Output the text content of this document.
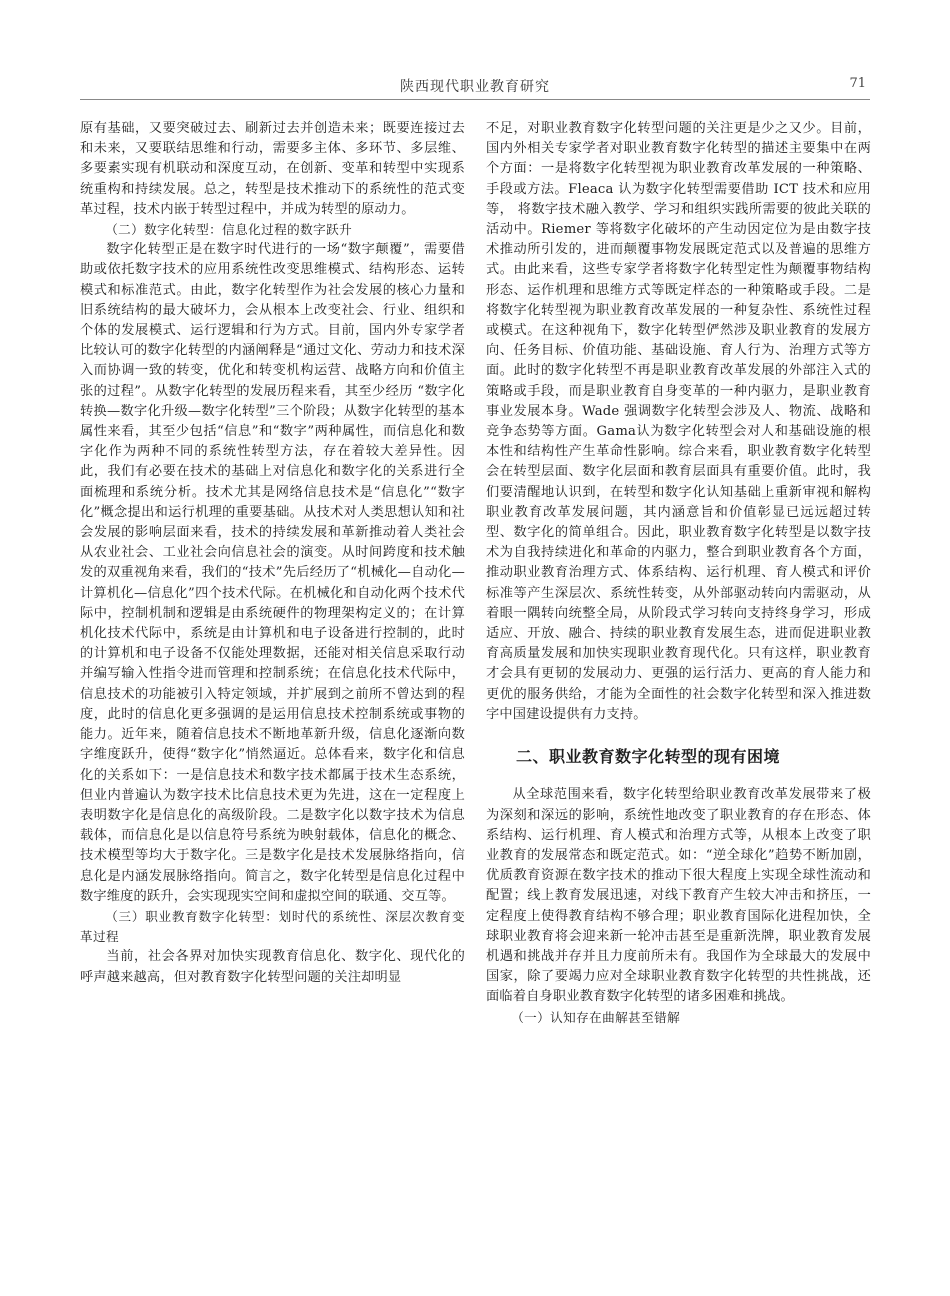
陕西现代职业教育研究	71

原有基础，又要突破过去、刷新过去并创造未来；既要连接过去和未来，又要联结思维和行动，需要多主体、多环节、多层维、多要素实现有机联动和深度互动，在创新、变革和转型中实现系统重构和持续发展。总之，转型是技术推动下的系统性的范式变革过程，技术内嵌于转型过程中，并成为转型的原动力。

（二）数字化转型：信息化过程的数字跃升

数字化转型正是在数字时代进行的一场“数字颠覆”，需要借助或依托数字技术的应用系统性改变思维模式、结构形态、运转模式和标准范式。由此，数字化转型作为社会发展的核心力量和旧系统结构的最大破坏力，会从根本上改变社会、行业、组织和个体的发展模式、运行逻辑和行为方式。目前，国内外专家学者比较认可的数字化转型的内涵阐释是“通过文化、劳动力和技术深入而协调一致的转变，优化和转变机构运营、战略方向和价值主张的过程”。从数字化转型的发展历程来看，其至少经历 “数字化转换—数字化升级—数字化转型”三个阶段；从数字化转型的基本属性来看，其至少包括“信息”和“数字”两种属性，而信息化和数字化作为两种不同的系统性转型方法，存在着较大差异性。因此，我们有必要在技术的基础上对信息化和数字化的关系进行全面梳理和系统分析。技术尤其是网络信息技术是“信息化”“数字化”概念提出和运行机理的重要基础。从技术对人类思想认知和社会发展的影响层面来看，技术的持续发展和革新推动着人类社会从农业社会、工业社会向信息社会的演变。从时间跨度和技术触发的双重视角来看，我们的“技术”先后经历了“机械化—自动化—计算机化—信息化”四个技术代际。在机械化和自动化两个技术代际中，控制机制和逻辑是由系统硬件的物理架构定义的；在计算机化技术代际中，系统是由计算机和电子设备进行控制的，此时的计算机和电子设备不仅能处理数据，还能对相关信息采取行动并编写输入性指令进而管理和控制系统；在信息化技术代际中，信息技术的功能被引入特定领域，并扩展到之前所不曾达到的程度，此时的信息化更多强调的是运用信息技术控制系统或事物的能力。近年来，随着信息技术不断地革新升级，信息化逐渐向数字维度跃升，使得“数字化”悄然逼近。总体看来，数字化和信息化的关系如下：一是信息技术和数字技术都属于技术生态系统，但业内普遍认为数字技术比信息技术更为先进，这在一定程度上表明数字化是信息化的高级阶段。二是数字化以数字技术为信息载体，而信息化是以信息符号系统为映射载体，信息化的概念、技术模型等均大于数字化。三是数字化是技术发展脉络指向，信息化是内涵发展脉络指向。简言之，数字化转型是信息化过程中数字维度的跃升，会实现现实空间和虚拟空间的联通、交互等。

（三）职业教育数字化转型：划时代的系统性、深层次教育变革过程

当前，社会各界对加快实现教育信息化、数字化、现代化的呼声越来越高，但对教育数字化转型问题的关注却明显

不足，对职业教育数字化转型问题的关注更是少之又少。目前，国内外相关专家学者对职业教育数字化转型的描述主要集中在两个方面：一是将数字化转型视为职业教育改革发展的一种策略、手段或方法。Fleaca 认为数字化转型需要借助 ICT 技术和应用等， 将数字技术融入教学、学习和组织实践所需要的彼此关联的活动中。Riemer 等将数字化破坏的产生动因定位为是由数字技术推动所引发的，进而颠覆事物发展既定范式以及普遍的思维方式。由此来看，这些专家学者将数字化转型定性为颠覆事物结构形态、运作机理和思维方式等既定样态的一种策略或手段。二是将数字化转型视为职业教育改革发展的一种复杂性、系统性过程或模式。在这种视角下，数字化转型俨然涉及职业教育的发展方向、任务目标、价值功能、基础设施、育人行为、治理方式等方面。此时的数字化转型不再是职业教育改革发展的外部注入式的策略或手段，而是职业教育自身变革的一种内驱力，是职业教育事业发展本身。Wade 强调数字化转型会涉及人、物流、战略和竞争态势等方面。Gama认为数字化转型会对人和基础设施的根本性和结构性产生革命性影响。综合来看，职业教育数字化转型会在转型层面、数字化层面和教育层面具有重要价值。此时，我们要清醒地认识到，在转型和数字化认知基础上重新审视和解构职业教育改革发展问题，其内涵意旨和价值彰显已远远超过转型、数字化的简单组合。因此，职业教育数字化转型是以数字技术为自我持续进化和革命的内驱力，整合到职业教育各个方面， 推动职业教育治理方式、体系结构、运行机理、育人模式和评价标准等产生深层次、系统性转变，从外部驱动转向内需驱动，从着眼一隅转向统整全局，从阶段式学习转向支持终身学习，形成适应、开放、融合、持续的职业教育发展生态，进而促进职业教育高质量发展和加快实现职业教育现代化。只有这样，职业教育才会具有更韧的发展动力、更强的运行活力、更高的育人能力和更优的服务供给，才能为全面性的社会数字化转型和深入推进数字中国建设提供有力支持。

二、职业教育数字化转型的现有困境

从全球范围来看，数字化转型给职业教育改革发展带来了极为深刻和深远的影响，系统性地改变了职业教育的存在形态、体系结构、运行机理、育人模式和治理方式等，从根本上改变了职业教育的发展常态和既定范式。如：“逆全球化”趋势不断加剧，优质教育资源在数字技术的推动下很大程度上实现全球性流动和配置；线上教育发展迅速，对线下教育产生较大冲击和挤压，一定程度上使得教育结构不够合理；职业教育国际化进程加快，全球职业教育将会迎来新一轮冲击甚至是重新洗牌，职业教育发展机遇和挑战并存并且力度前所未有。我国作为全球最大的发展中国家，除了要竭力应对全球职业教育数字化转型的共性挑战，还面临着自身职业教育数字化转型的诸多困难和挑战。

（一）认知存在曲解甚至错解
